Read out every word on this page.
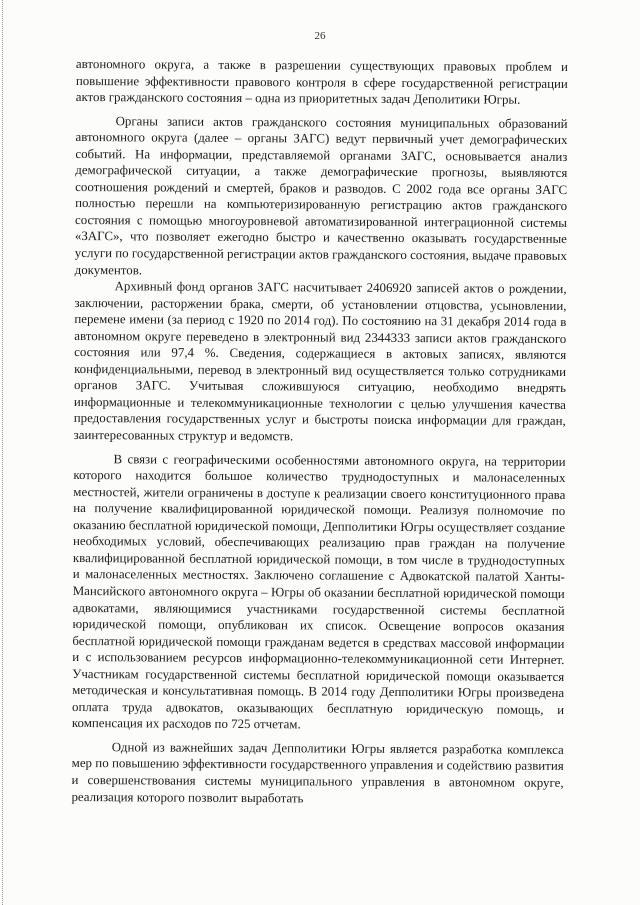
26

автономного округа, а также в разрешении существующих правовых проблем и повышение эффективности правового контроля в сфере государственной регистрации актов гражданского состояния – одна из приоритетных задач Деполитики Югры.

Органы записи актов гражданского состояния муниципальных образований автономного округа (далее – органы ЗАГС) ведут первичный учет демографических событий. На информации, представляемой органами ЗАГС, основывается анализ демографической ситуации, а также демографические прогнозы, выявляются соотношения рождений и смертей, браков и разводов. С 2002 года все органы ЗАГС полностью перешли на компьютеризированную регистрацию актов гражданского состояния с помощью многоуровневой автоматизированной интеграционной системы «ЗАГС», что позволяет ежегодно быстро и качественно оказывать государственные услуги по государственной регистрации актов гражданского состояния, выдаче правовых документов.

Архивный фонд органов ЗАГС насчитывает 2406920 записей актов о рождении, заключении, расторжении брака, смерти, об установлении отцовства, усыновлении, перемене имени (за период с 1920 по 2014 год). По состоянию на 31 декабря 2014 года в автономном округе переведено в электронный вид 2344333 записи актов гражданского состояния или 97,4 %. Сведения, содержащиеся в актовых записях, являются конфиденциальными, перевод в электронный вид осуществляется только сотрудниками органов ЗАГС. Учитывая сложившуюся ситуацию, необходимо внедрять информационные и телекоммуникационные технологии с целью улучшения качества предоставления государственных услуг и быстроты поиска информации для граждан, заинтересованных структур и ведомств.

В связи с географическими особенностями автономного округа, на территории которого находится большое количество труднодоступных и малонаселенных местностей, жители ограничены в доступе к реализации своего конституционного права на получение квалифицированной юридической помощи. Реализуя полномочие по оказанию бесплатной юридической помощи, Депполитики Югры осуществляет создание необходимых условий, обеспечивающих реализацию прав граждан на получение квалифицированной бесплатной юридической помощи, в том числе в труднодоступных и малонаселенных местностях. Заключено соглашение с Адвокатской палатой Ханты-Мансийского автономного округа – Югры об оказании бесплатной юридической помощи адвокатами, являющимися участниками государственной системы бесплатной юридической помощи, опубликован их список. Освещение вопросов оказания бесплатной юридической помощи гражданам ведется в средствах массовой информации и с использованием ресурсов информационно-телекоммуникационной сети Интернет. Участникам государственной системы бесплатной юридической помощи оказывается методическая и консультативная помощь. В 2014 году Депполитики Югры произведена оплата труда адвокатов, оказывающих бесплатную юридическую помощь, и компенсация их расходов по 725 отчетам.

Одной из важнейших задач Депполитики Югры является разработка комплекса мер по повышению эффективности государственного управления и содействию развития и совершенствования системы муниципального управления в автономном округе, реализация которого позволит выработать
